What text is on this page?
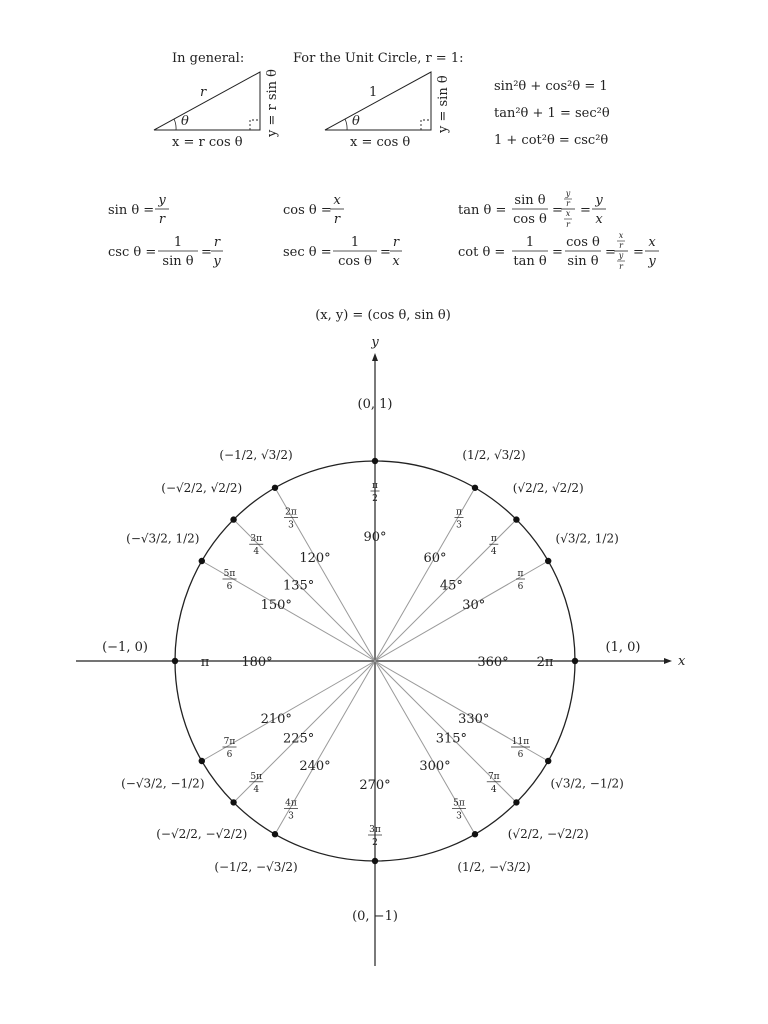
In general:	For the Unit Circle, r = 1:
r
θ
x = r cos θ
y = r sin θ	1
θ
x = cos θ
y = sin θ	sin²θ + cos²θ = 1
tan²θ + 1 = sec²θ
1 + cot²θ = csc²θ
sin θ =
y
r
cos θ =
x
r
tan θ =
sin θ
cos θ
=
y
r
x
r
=
y
x
csc θ =
1
sin θ
=
r
y
sec θ =
1
cos θ
=
r
x
cot θ =
1
tan θ
=
cos θ
sin θ
=
x
r
y
r
=
x
y
(x, y) = (cos θ, sin θ)
y
x
360° 2π
(1, 0)
30°
π
6
(√3/2, 1/2)
45°
π
4
(√2/2, √2/2)
60°
π
3
(1/2, √3/2)
90°
π
2
(0, 1)
120°
2π
3
(−1/2, √3/2)
135°
3π
4
(−√2/2, √2/2)
150°
5π
6
(−√3/2, 1/2)
180°
π
(−1, 0)
210°
7π
6
(−√3/2, −1/2)
225°
5π
4
(−√2/2, −√2/2)
240°
4π
3
(−1/2, −√3/2)
270°
3π
2
(0, −1)
300°
5π
3
(1/2, −√3/2)
315°
7π
4
(√2/2, −√2/2)
330°
11π
6
(√3/2, −1/2)
